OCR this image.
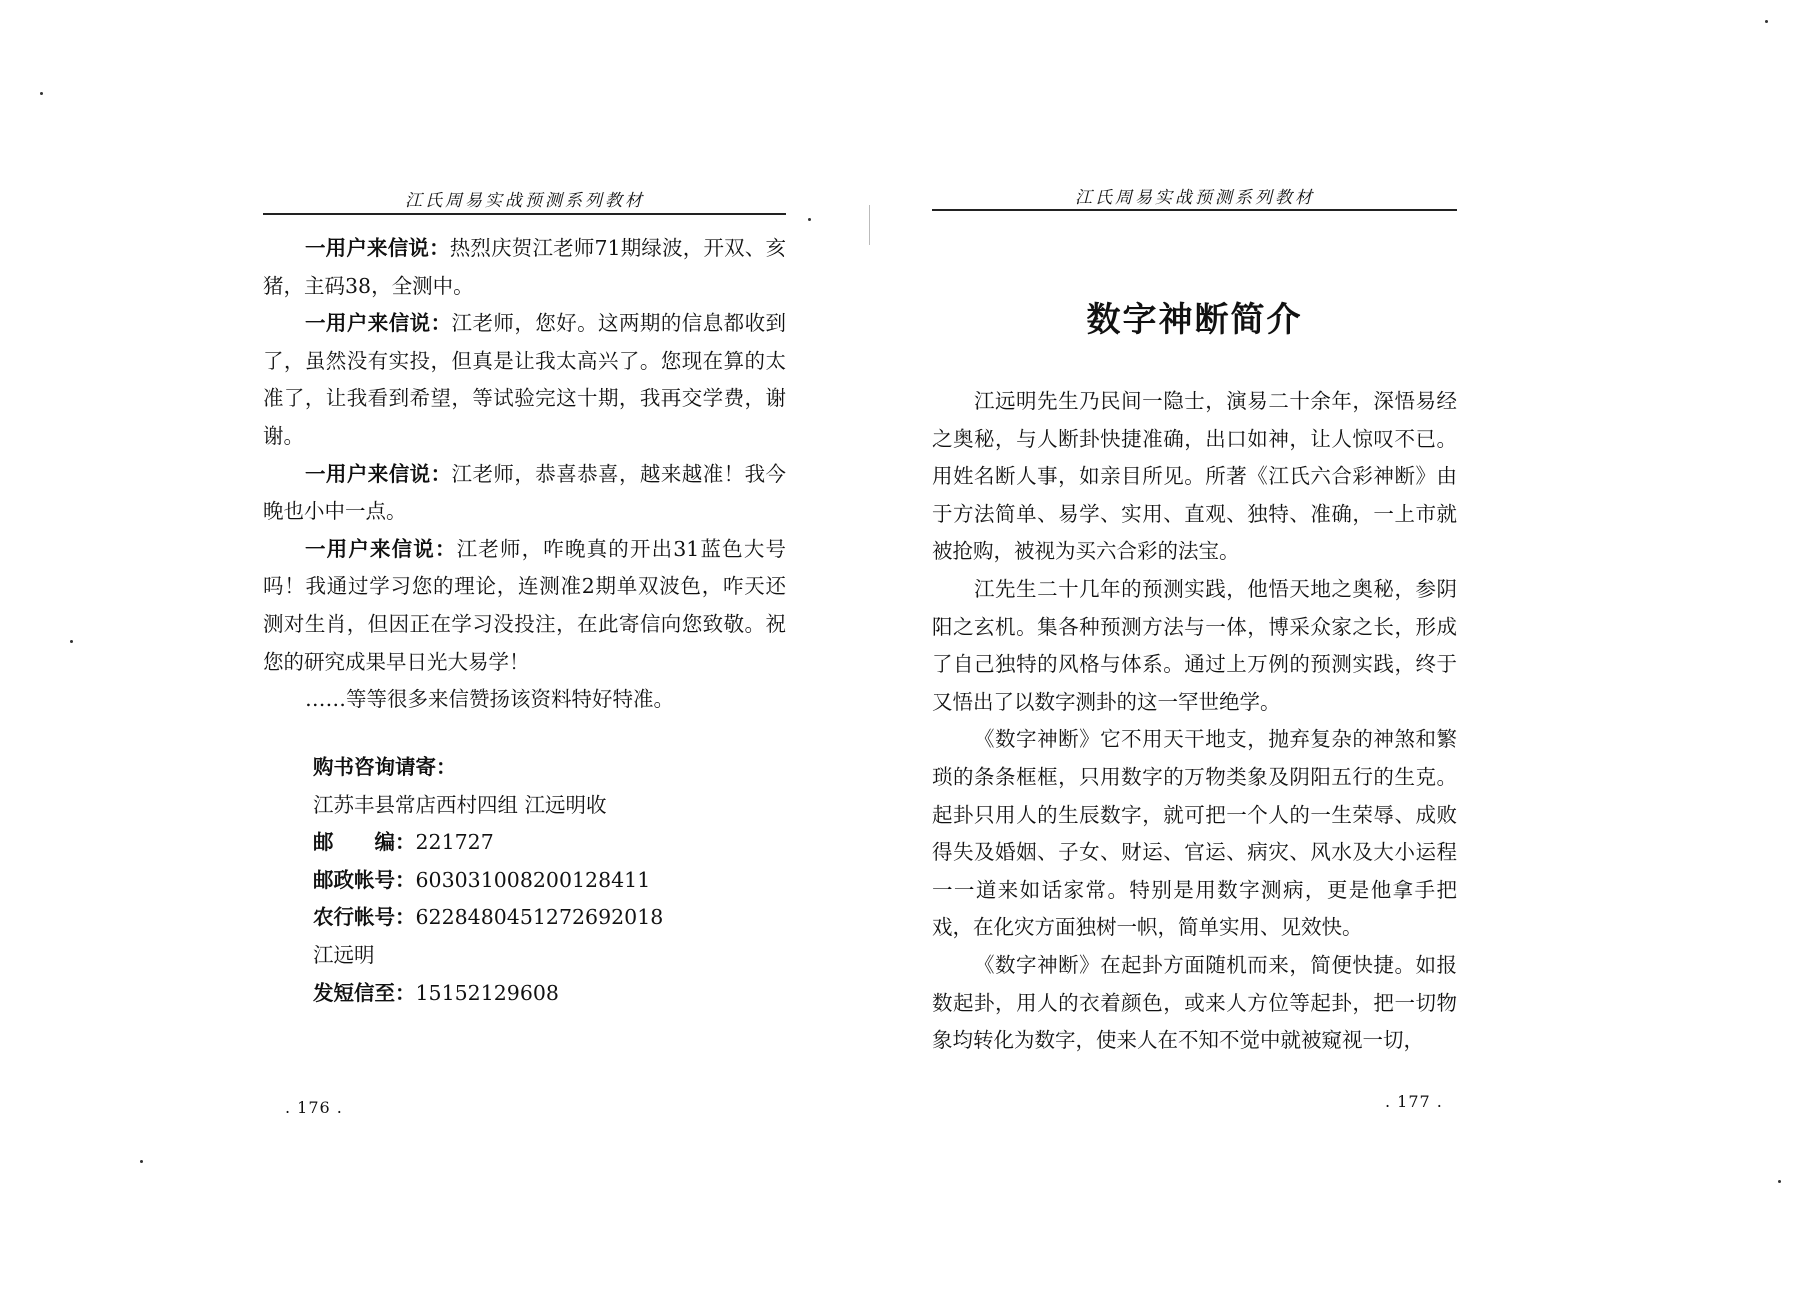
江氏周易实战预测系列教材

一用户来信说：热烈庆贺江老师71期绿波，开双、亥猪，主码38，全测中。

一用户来信说：江老师，您好。这两期的信息都收到了，虽然没有实投，但真是让我太高兴了。您现在算的太准了，让我看到希望，等试验完这十期，我再交学费，谢谢。

一用户来信说：江老师，恭喜恭喜，越来越准！我今晚也小中一点。

一用户来信说：江老师，咋晚真的开出31蓝色大号吗！我通过学习您的理论，连测准2期单双波色，咋天还测对生肖，但因正在学习没投注，在此寄信向您致敬。祝您的研究成果早日光大易学！

……等等很多来信赞扬该资料特好特准。

购书咨询请寄：
江苏丰县常店西村四组 江远明收
邮　　编：221727
邮政帐号：603031008200128411
农行帐号：6228480451272692018
江远明
发短信至：15152129608
. 176 .
江氏周易实战预测系列教材
数字神断简介

江远明先生乃民间一隐士，演易二十余年，深悟易经之奥秘，与人断卦快捷准确，出口如神，让人惊叹不已。用姓名断人事，如亲目所见。所著《江氏六合彩神断》由于方法简单、易学、实用、直观、独特、准确，一上市就被抢购，被视为买六合彩的法宝。

江先生二十几年的预测实践，他悟天地之奥秘，参阴阳之玄机。集各种预测方法与一体，博采众家之长，形成了自己独特的风格与体系。通过上万例的预测实践，终于又悟出了以数字测卦的这一罕世绝学。

《数字神断》它不用天干地支，抛弃复杂的神煞和繁琐的条条框框，只用数字的万物类象及阴阳五行的生克。起卦只用人的生辰数字，就可把一个人的一生荣辱、成败得失及婚姻、子女、财运、官运、病灾、风水及大小运程一一道来如话家常。特别是用数字测病，更是他拿手把戏，在化灾方面独树一帜，简单实用、见效快。

《数字神断》在起卦方面随机而来，简便快捷。如报数起卦，用人的衣着颜色，或来人方位等起卦，把一切物象均转化为数字，使来人在不知不觉中就被窥视一切，

. 177 .
